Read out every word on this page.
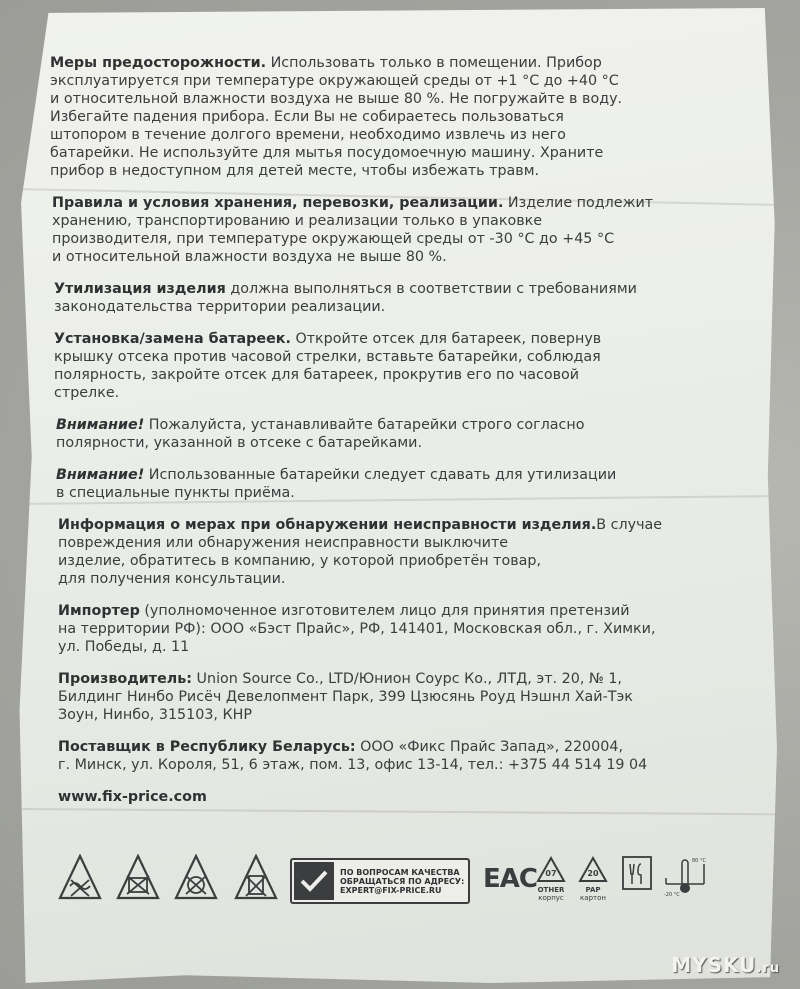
Меры предосторожности. Использовать только в помещении. Прибор
эксплуатируется при температуре окружающей среды от +1 °С до +40 °С
и относительной влажности воздуха не выше 80 %. Не погружайте в воду.
Избегайте падения прибора. Если Вы не собираетесь пользоваться
штопором в течение долгого времени, необходимо извлечь из него
батарейки. Не используйте для мытья посудомоечную машину. Храните
прибор в недоступном для детей месте, чтобы избежать травм.

Правила и условия хранения, перевозки, реализации. Изделие подлежит
хранению, транспортированию и реализации только в упаковке
производителя, при температуре окружающей среды от -30 °С до +45 °С
и относительной влажности воздуха не выше 80 %.

Утилизация изделия должна выполняться в соответствии с требованиями
законодательства территории реализации.

Установка/замена батареек. Откройте отсек для батареек, повернув
крышку отсека против часовой стрелки, вставьте батарейки, соблюдая
полярность, закройте отсек для батареек, прокрутив его по часовой
стрелке.

Внимание! Пожалуйста, устанавливайте батарейки строго согласно
полярности, указанной в отсеке с батарейками.

Внимание! Использованные батарейки следует сдавать для утилизации
в специальные пункты приёма.

Информация о мерах при обнаружении неисправности изделия.В случае повреждения или обнаружения неисправности выключите
изделие, обратитесь в компанию, у которой приобретён товар,
для получения консультации.

Импортер (уполномоченное изготовителем лицо для принятия претензий
на территории РФ): ООО «Бэст Прайс», РФ, 141401, Московская обл., г. Химки,
ул. Победы, д. 11

Производитель: Union Source Co., LTD/Юнион Соурс Ко., ЛТД, эт. 20, № 1,
Билдинг Нинбо Рисёч Девелопмент Парк, 399 Цзюсянь Роуд Нэшнл Хай-Тэк
Зоун, Нинбо, 315103, КНР

Поставщик в Республику Беларусь: ООО «Фикс Прайс Запад», 220004,
г. Минск, ул. Короля, 51, 6 этаж, пом. 13, офис 13-14, тел.: +375 44 514 19 04

www.fix-price.com

ПО ВОПРОСАМ КАЧЕСТВА
ОБРАЩАТЬСЯ ПО АДРЕСУ:
EXPERT@FIX-PRICE.RU	ЕАС 07
OTHER
корпус
20
PAP
картон	-20 °C
80 °C
MYSKU.ru
